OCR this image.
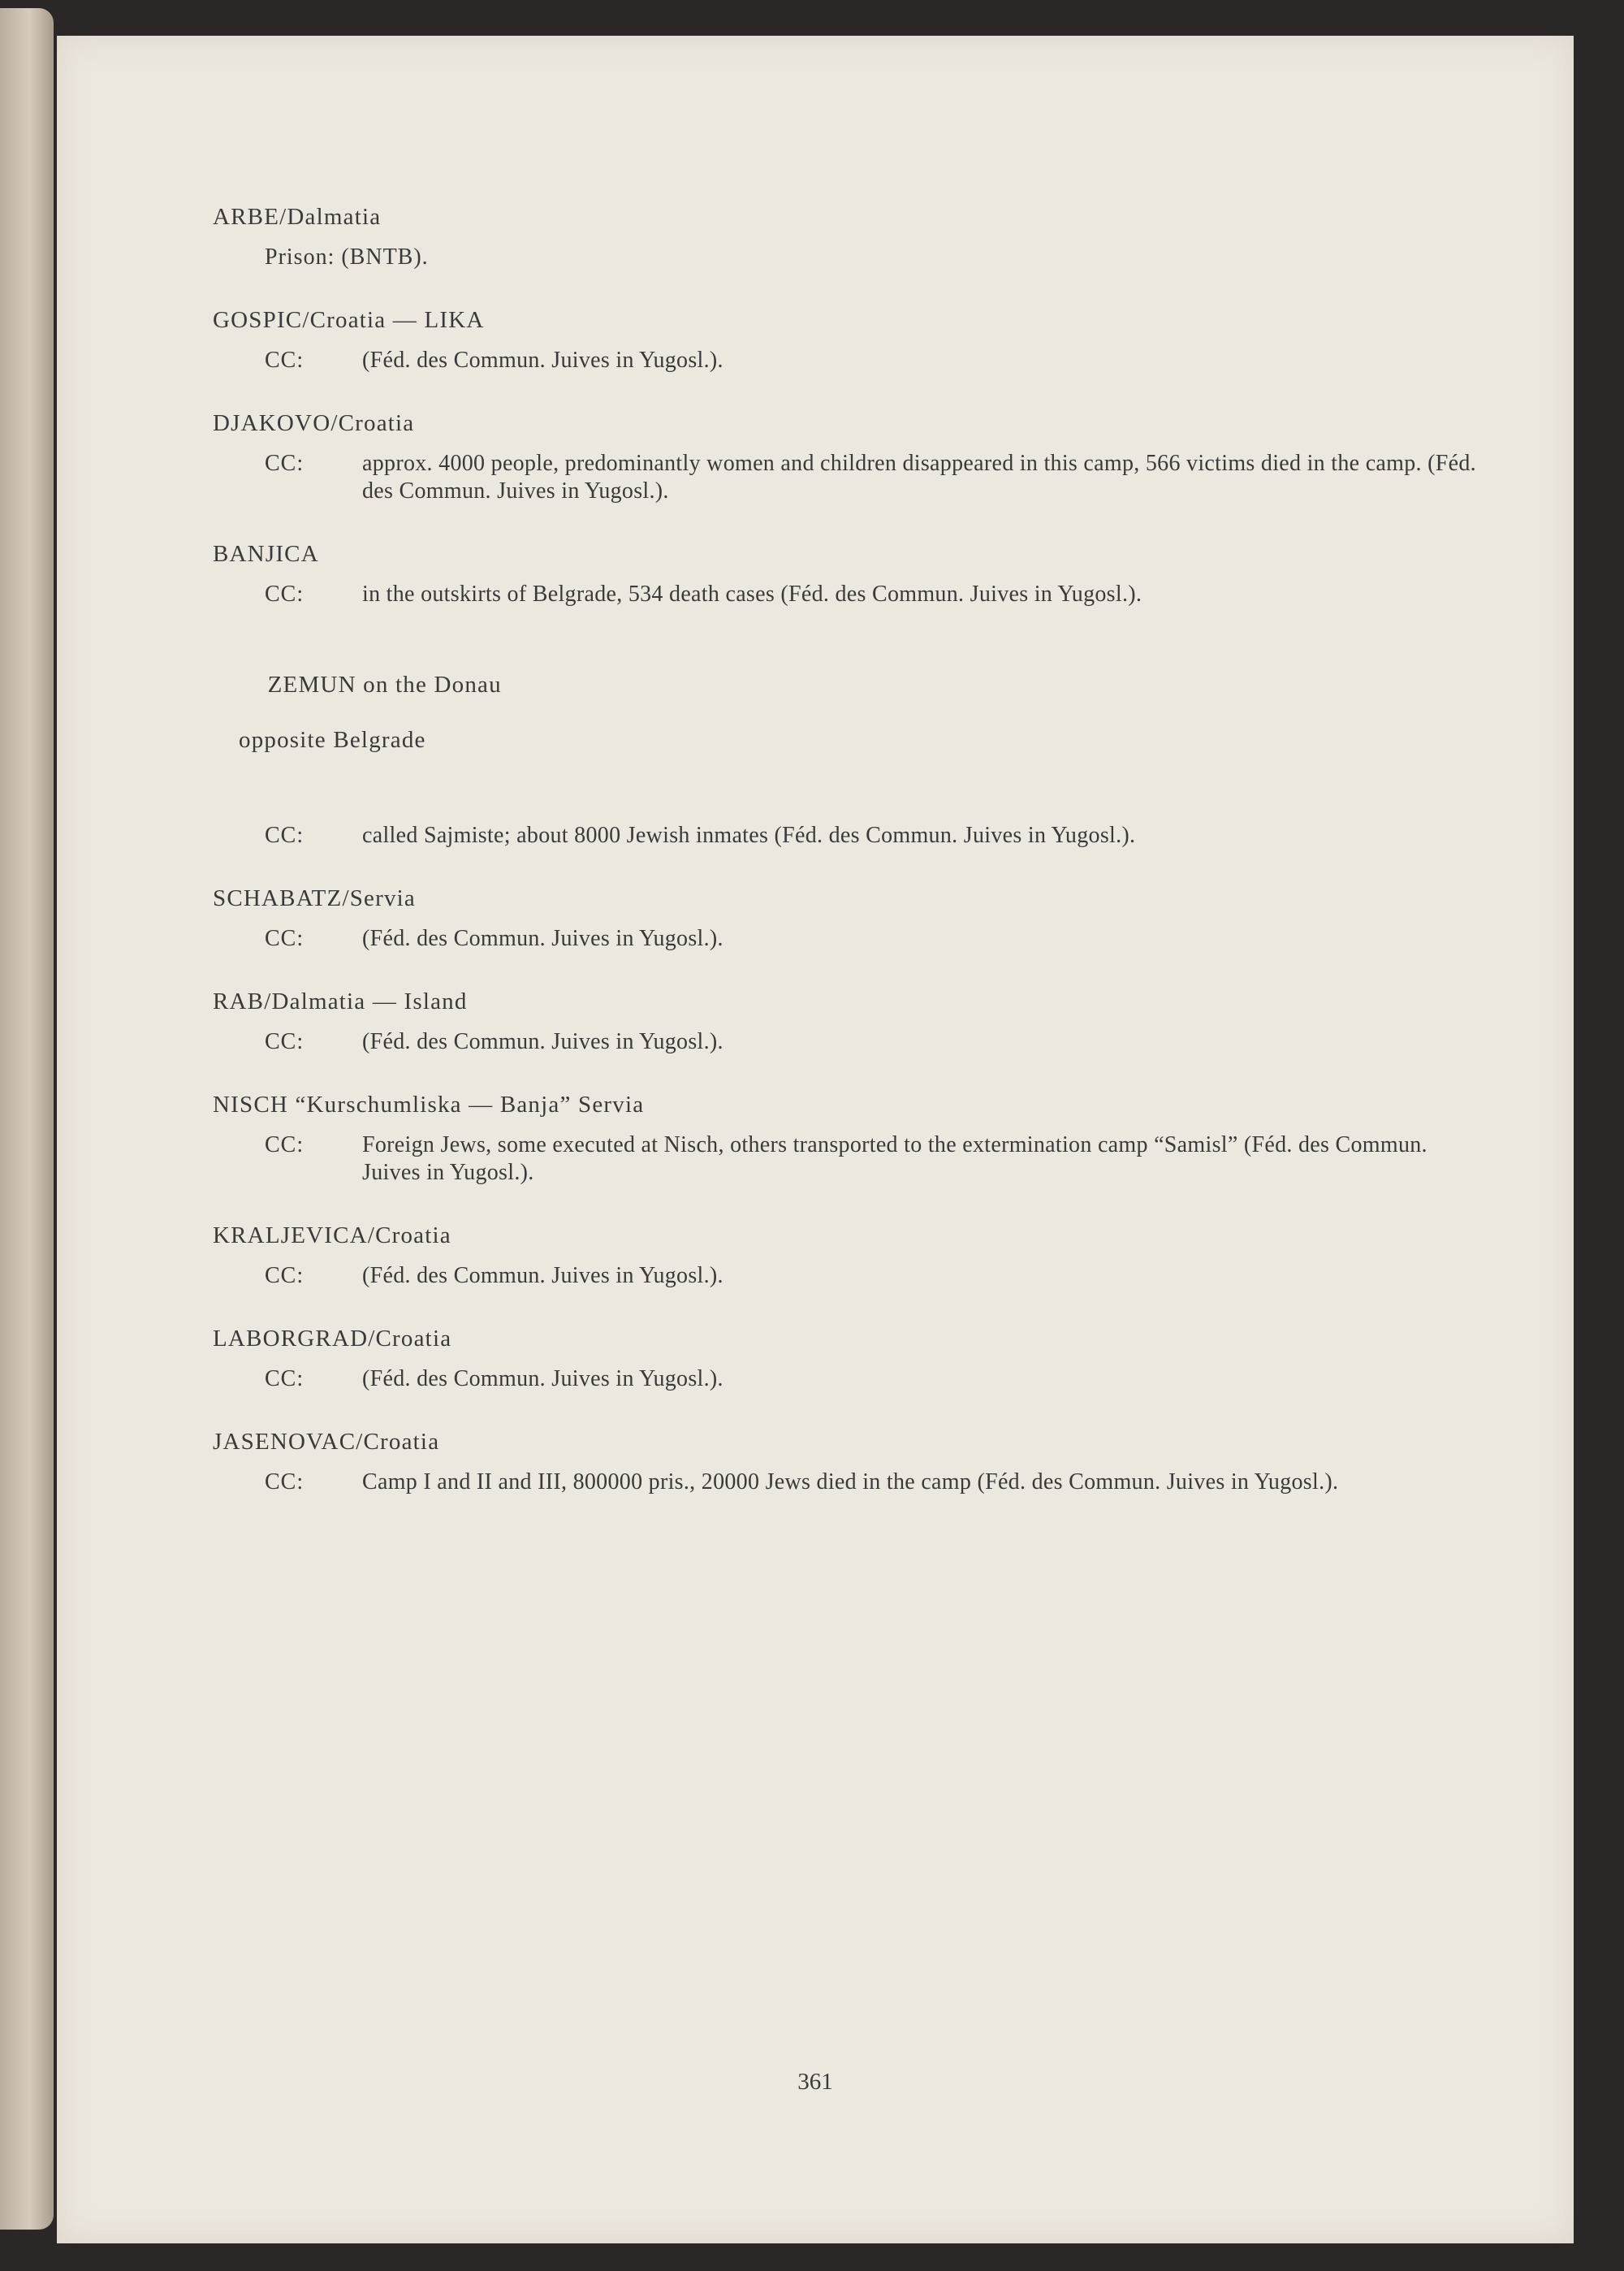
ARBE/Dalmatia
Prison: (BNTB).
GOSPIC/Croatia — LIKA
CC:	(Féd. des Commun. Juives in Yugosl.).
DJAKOVO/Croatia
CC:	approx. 4000 people, predominantly women and children disappeared in this camp, 566 victims died in the camp. (Féd. des Commun. Juives in Yugosl.).
BANJICA
CC:	in the outskirts of Belgrade, 534 death cases (Féd. des Commun. Juives in Yugosl.).

ZEMUN on the Donau

opposite Belgrade

CC:	called Sajmiste; about 8000 Jewish inmates (Féd. des Commun. Juives in Yugosl.).
SCHABATZ/Servia
CC:	(Féd. des Commun. Juives in Yugosl.).
RAB/Dalmatia — Island
CC:	(Féd. des Commun. Juives in Yugosl.).
NISCH “Kurschumliska — Banja” Servia
CC:	Foreign Jews, some executed at Nisch, others transported to the extermination camp “Samisl” (Féd. des Commun. Juives in Yugosl.).
KRALJEVICA/Croatia
CC:	(Féd. des Commun. Juives in Yugosl.).
LABORGRAD/Croatia
CC:	(Féd. des Commun. Juives in Yugosl.).
JASENOVAC/Croatia
CC:	Camp I and II and III, 800000 pris., 20000 Jews died in the camp (Féd. des Commun. Juives in Yugosl.).
361
